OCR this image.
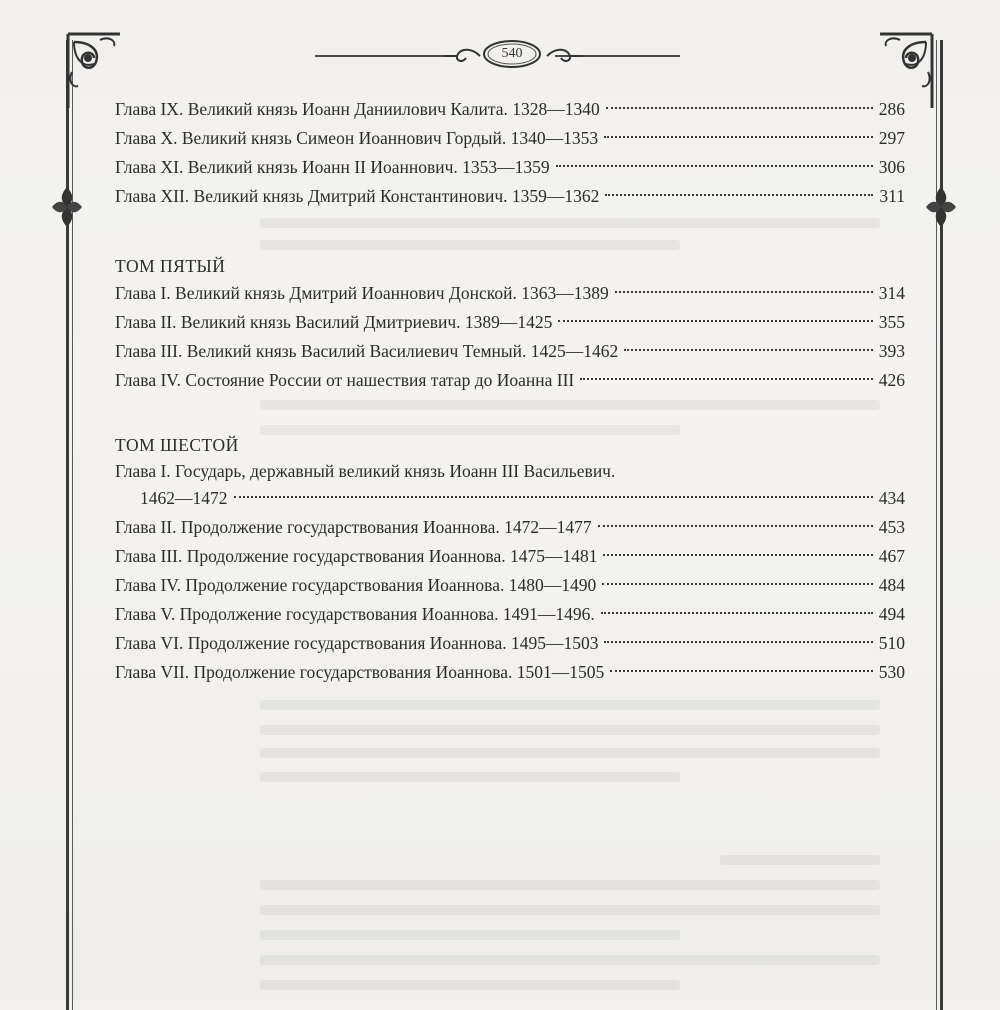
540
Глава IX. Великий князь Иоанн Даниилович Калита. 1328—1340	286
Глава X. Великий князь Симеон Иоаннович Гордый. 1340—1353	297
Глава XI. Великий князь Иоанн II Иоаннович. 1353—1359	306
Глава XII. Великий князь Дмитрий Константинович. 1359—1362	311
ТОМ ПЯТЫЙ
Глава I. Великий князь Дмитрий Иоаннович Донской. 1363—1389	314
Глава II. Великий князь Василий Дмитриевич. 1389—1425	355
Глава III. Великий князь Василий Василиевич Темный. 1425—1462	393
Глава IV. Состояние России от нашествия татар до Иоанна III	426
ТОМ ШЕСТОЙ
Глава I. Государь, державный великий князь Иоанн III Васильевич.
1462—1472	434
Глава II. Продолжение государствования Иоаннова. 1472—1477	453
Глава III. Продолжение государствования Иоаннова. 1475—1481	467
Глава IV. Продолжение государствования Иоаннова. 1480—1490	484
Глава V. Продолжение государствования Иоаннова. 1491—1496.	494
Глава VI. Продолжение государствования Иоаннова. 1495—1503	510
Глава VII. Продолжение государствования Иоаннова. 1501—1505	530
